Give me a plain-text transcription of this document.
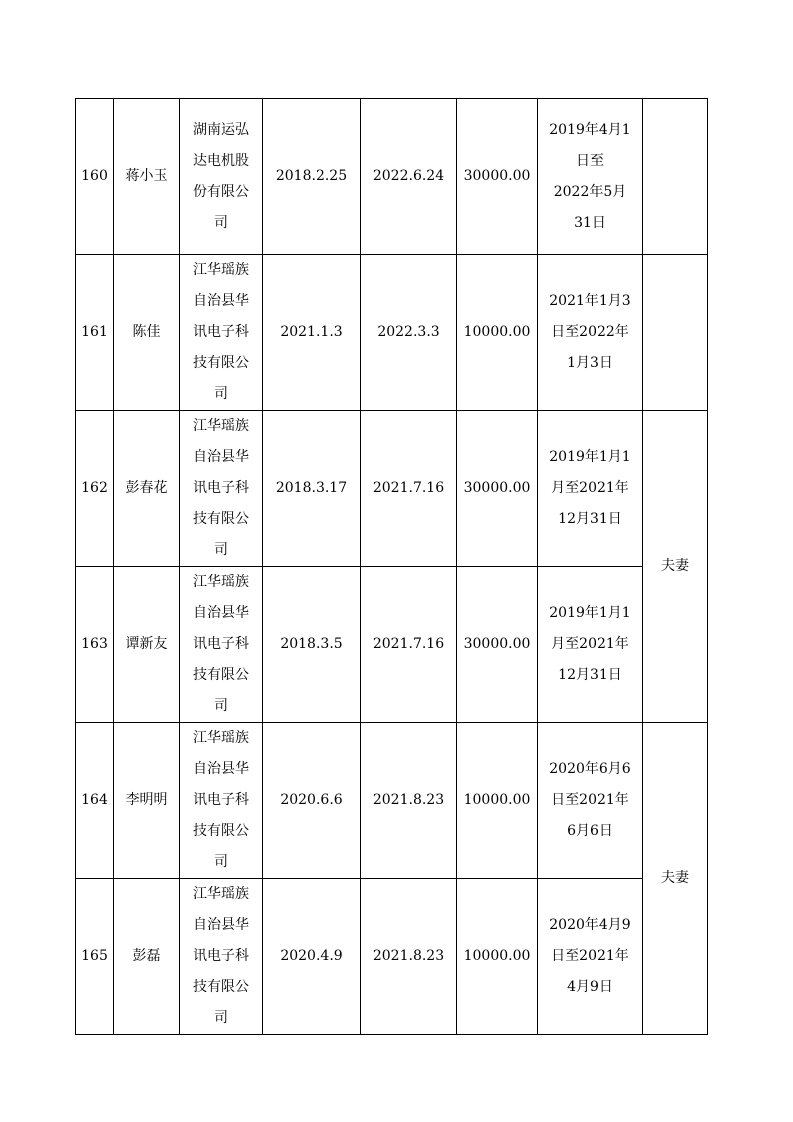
160	蒋小玉	湖南运弘
达电机股
份有限公
司	2018.2.25	2022.6.24	30000.00	2019年4月1
日至
2022年5月
31日	

161	陈佳	江华瑶族
自治县华
讯电子科
技有限公
司	2021.1.3	2022.3.3	10000.00	2021年1月3
日至2022年
1月3日	

162	彭春花	江华瑶族
自治县华
讯电子科
技有限公
司	2018.3.17	2021.7.16	30000.00	2019年1月1
月至2021年
12月31日	夫妻
163	谭新友	江华瑶族
自治县华
讯电子科
技有限公
司	2018.3.5	2021.7.16	30000.00	2019年1月1
月至2021年
12月31日	

164	李明明	江华瑶族
自治县华
讯电子科
技有限公
司	2020.6.6	2021.8.23	10000.00	2020年6月6
日至2021年
6月6日	夫妻
165	彭磊	江华瑶族
自治县华
讯电子科
技有限公
司	2020.4.9	2021.8.23	10000.00	2020年4月9
日至2021年
4月9日	
